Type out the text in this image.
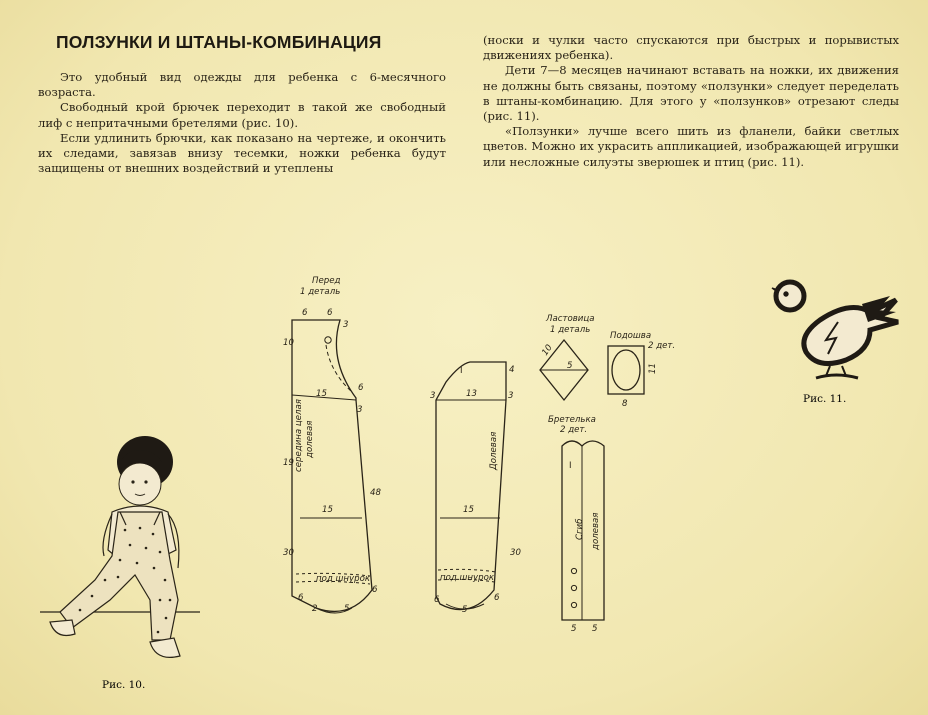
ПОЛЗУНКИ И ШТАНЫ-КОМБИНАЦИЯ

Это удобный вид одежды для ребенка с 6-месячного возраста.

Свободный крой брючек переходит в такой же свободный лиф с непритачными бретелями (рис. 10).

Если удлинить брючки, как показано на чертеже, и окончить их следами, завязав внизу тесемки, ножки ребенка будут защищены от внешних воздействий и утеплены

(носки и чулки часто спускаются при быстрых и порывистых движениях ребенка).

Дети 7—8 месяцев начинают вставать на ножки, их движения не должны быть связаны, поэтому «ползунки» следует переделать в штаны-комбинацию. Для этого у «ползунков» отрезают следы (рис. 11).

«Ползунки» лучше всего шить из фланели, байки светлых цветов. Можно их украсить аппликацией, изображающей игрушки или несложные силуэты зверюшек и птиц (рис. 11).

Рис. 10.
Перед
1 деталь
6 6
3
10
15
6
3
19
48
15
30
6
2	5
6
середина целая долевая
под шнурок
I	4
13
3	3
15
30
6
5
6
Долевая
под шнурок
Ластовица
1 деталь
10
5
Подошва
2 дет.
11
8
Бретелька
2 дет.
I
Сгиб долевая
5 5
Рис. 11.
